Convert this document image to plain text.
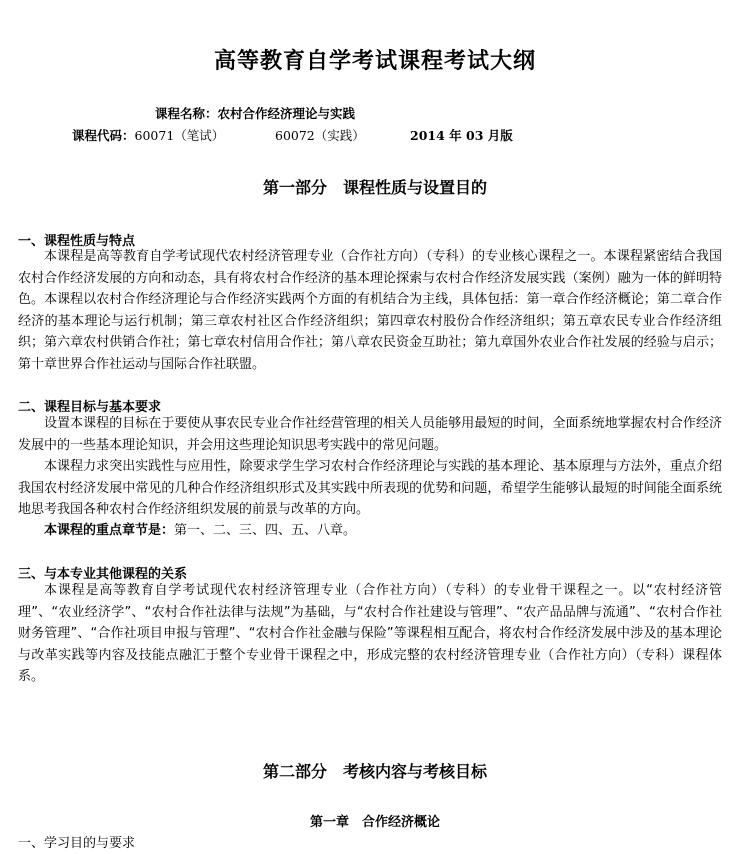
高等教育自学考试课程考试大纲
课程名称：农村合作经济理论与实践
课程代码：60071（笔试）	60072（实践）	2014 年 03 月版
第一部分　课程性质与设置目的
一、课程性质与特点
本课程是高等教育自学考试现代农村经济管理专业（合作社方向）（专科）的专业核心课程之一。本课程紧密结合我国农村合作经济发展的方向和动态，具有将农村合作经济的基本理论探索与农村合作经济发展实践（案例）融为一体的鲜明特色。本课程以农村合作经济理论与合作经济实践两个方面的有机结合为主线，具体包括：第一章合作经济概论；第二章合作经济的基本理论与运行机制；第三章农村社区合作经济组织；第四章农村股份合作经济组织；第五章农民专业合作经济组织；第六章农村供销合作社；第七章农村信用合作社；第八章农民资金互助社；第九章国外农业合作社发展的经验与启示；第十章世界合作社运动与国际合作社联盟。
二、课程目标与基本要求
设置本课程的目标在于要使从事农民专业合作社经营管理的相关人员能够用最短的时间，全面系统地掌握农村合作经济发展中的一些基本理论知识，并会用这些理论知识思考实践中的常见问题。
本课程力求突出实践性与应用性，除要求学生学习农村合作经济理论与实践的基本理论、基本原理与方法外，重点介绍我国农村经济发展中常见的几种合作经济组织形式及其实践中所表现的优势和问题，希望学生能够认最短的时间能全面系统地思考我国各种农村合作经济组织发展的前景与改革的方向。
本课程的重点章节是：第一、二、三、四、五、八章。
三、与本专业其他课程的关系
本课程是高等教育自学考试现代农村经济管理专业（合作社方向）（专科）的专业骨干课程之一。以“农村经济管理”、“农业经济学”、“农村合作社法律与法规”为基础，与“农村合作社建设与管理”、“农产品品牌与流通”、“农村合作社财务管理”、“合作社项目申报与管理”、“农村合作社金融与保险”等课程相互配合，将农村合作经济发展中涉及的基本理论与改革实践等内容及技能点融汇于整个专业骨干课程之中，形成完整的农村经济管理专业（合作社方向）（专科）课程体系。
第二部分　考核内容与考核目标
第一章　合作经济概论
一、学习目的与要求
